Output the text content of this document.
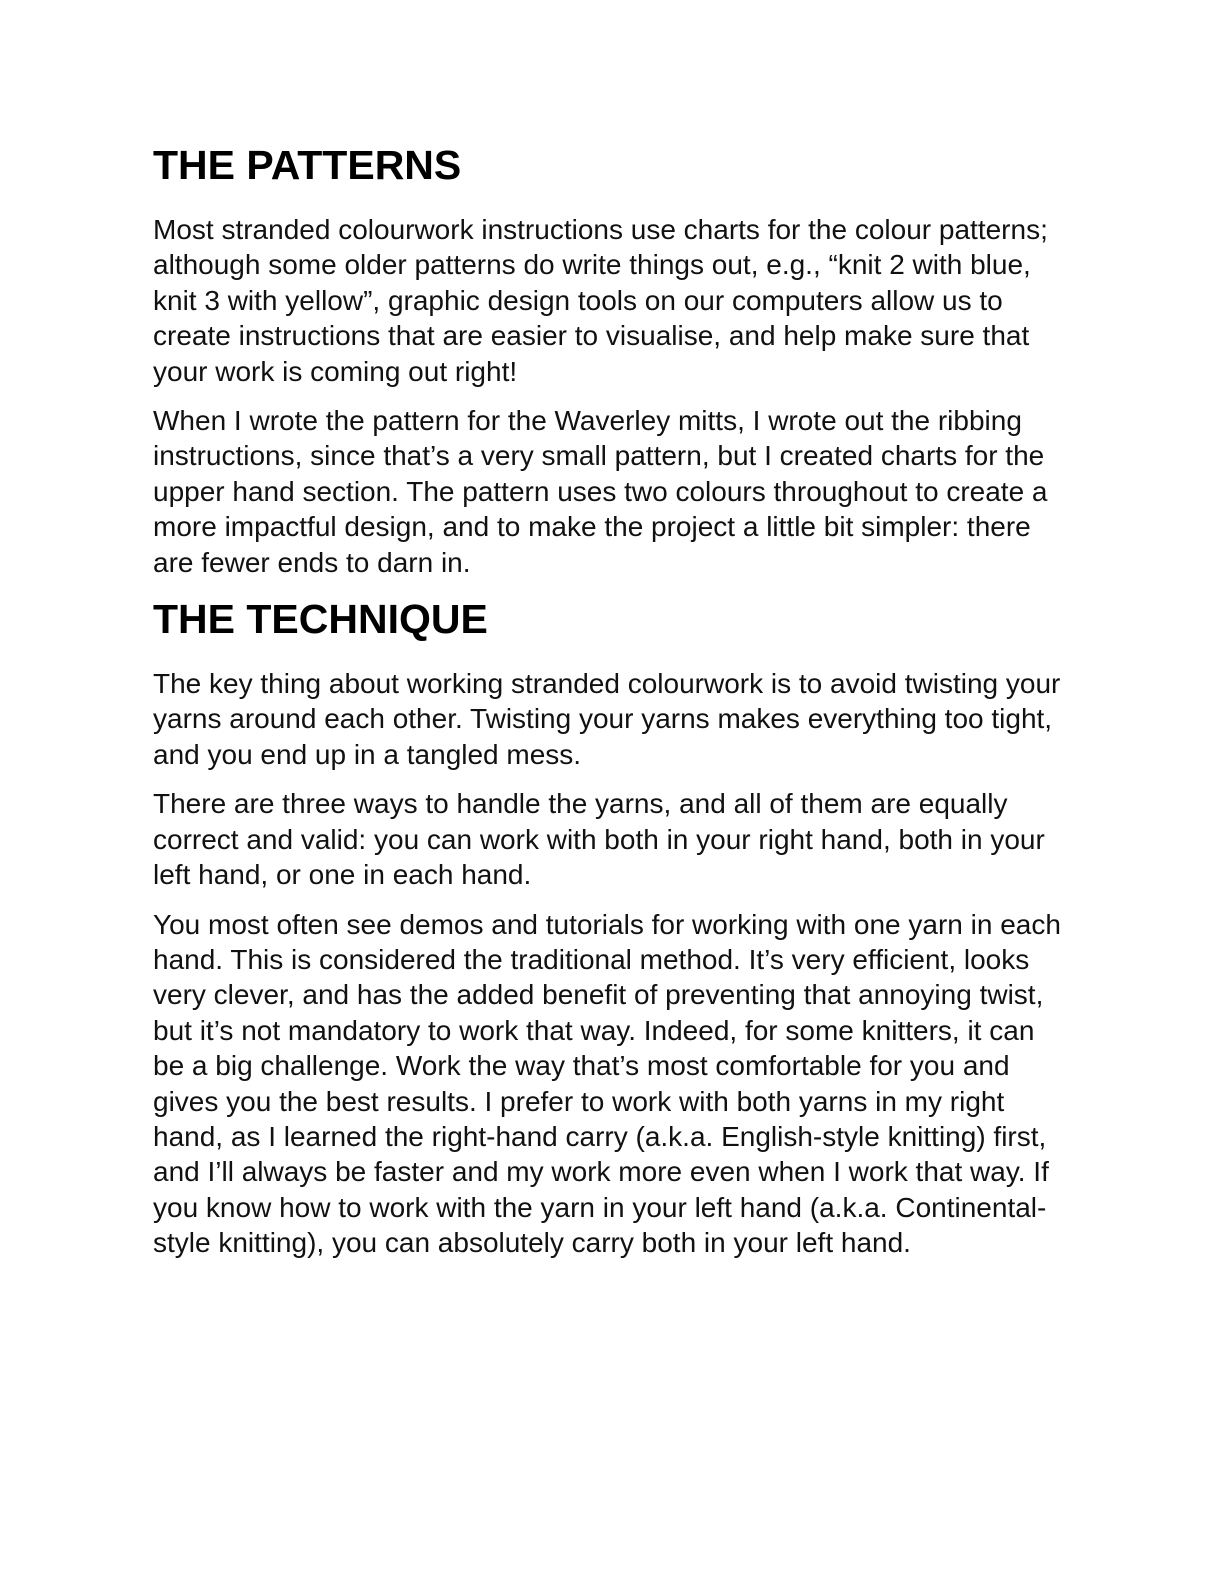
THE PATTERNS

Most stranded colourwork instructions use charts for the colour patterns; although some older patterns do write things out, e.g., “knit 2 with blue, knit 3 with yellow”, graphic design tools on our computers allow us to create instructions that are easier to visualise, and help make sure that your work is coming out right!

When I wrote the pattern for the Waverley mitts, I wrote out the ribbing instructions, since that’s a very small pattern, but I created charts for the upper hand section. The pattern uses two colours throughout to create a more impactful design, and to make the project a little bit simpler: there are fewer ends to darn in.

THE TECHNIQUE

The key thing about working stranded colourwork is to avoid twisting your yarns around each other. Twisting your yarns makes everything too tight, and you end up in a tangled mess.

There are three ways to handle the yarns, and all of them are equally correct and valid: you can work with both in your right hand, both in your left hand, or one in each hand.

You most often see demos and tutorials for working with one yarn in each hand. This is considered the traditional method. It’s very efficient, looks very clever, and has the added benefit of preventing that annoying twist, but it’s not mandatory to work that way. Indeed, for some knitters, it can be a big challenge. Work the way that’s most comfortable for you and gives you the best results. I prefer to work with both yarns in my right hand, as I learned the right-hand carry (a.k.a. English-style knitting) first, and I’ll always be faster and my work more even when I work that way. If you know how to work with the yarn in your left hand (a.k.a. Continental-style knitting), you can absolutely carry both in your left hand.
